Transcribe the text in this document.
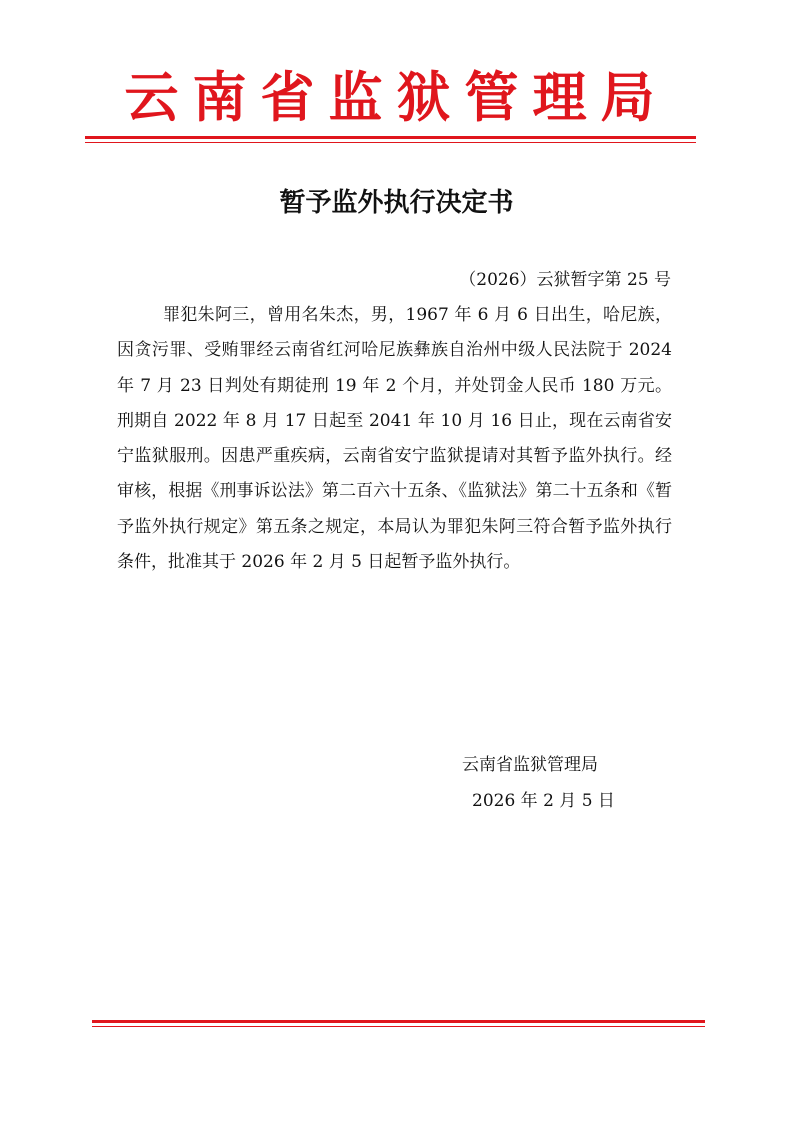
云南省监狱管理局
暂予监外执行决定书
（2026）云狱暂字第 25 号

罪犯朱阿三，曾用名朱杰，男，1967 年 6 月 6 日出生，哈尼族，因贪污罪、受贿罪经云南省红河哈尼族彝族自治州中级人民法院于 2024 年 7 月 23 日判处有期徒刑 19 年 2 个月，并处罚金人民币 180 万元。刑期自 2022 年 8 月 17 日起至 2041 年 10 月 16 日止，现在云南省安宁监狱服刑。因患严重疾病，云南省安宁监狱提请对其暂予监外执行。经审核，根据《刑事诉讼法》第二百六十五条、《监狱法》第二十五条和《暂予监外执行规定》第五条之规定，本局认为罪犯朱阿三符合暂予监外执行条件，批准其于 2026 年 2 月 5 日起暂予监外执行。

云南省监狱管理局
2026 年 2 月 5 日
